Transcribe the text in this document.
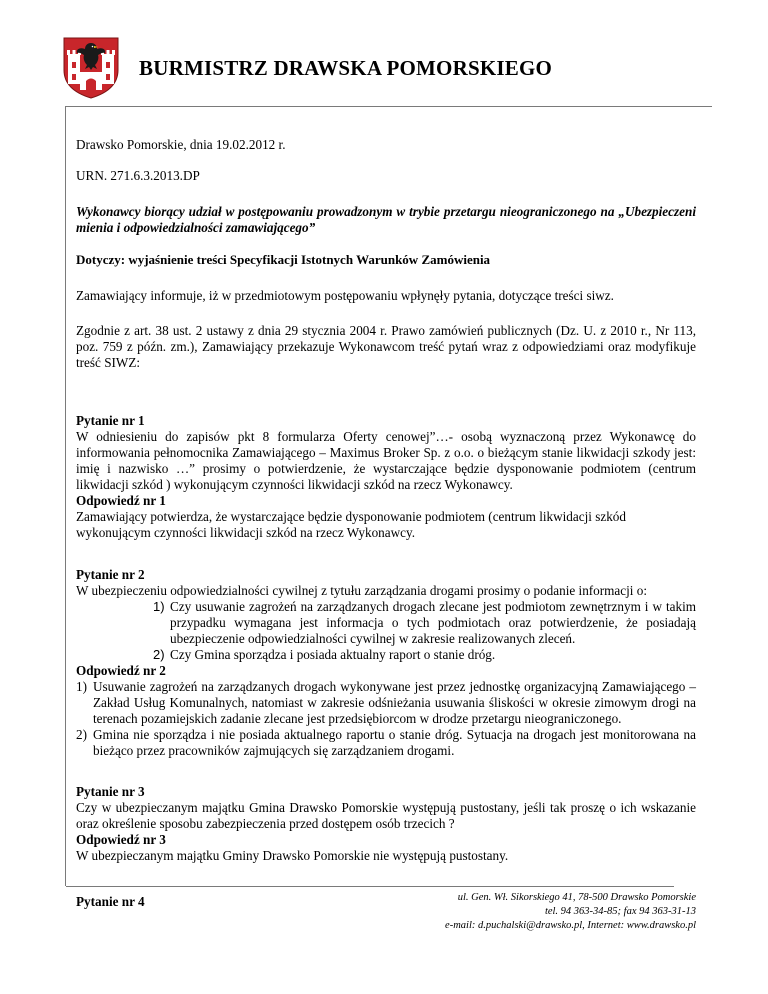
BURMISTRZ DRAWSKA POMORSKIEGO

Drawsko Pomorskie, dnia 19.02.2012 r.

URN. 271.6.3.2013.DP

Wykonawcy biorący udział w postępowaniu prowadzonym w trybie przetargu nieograniczonego na „Ubezpieczeni mienia i odpowiedzialności zamawiającego”

Dotyczy: wyjaśnienie treści Specyfikacji Istotnych Warunków Zamówienia

Zamawiający informuje, iż w przedmiotowym postępowaniu wpłynęły pytania, dotyczące treści siwz.

Zgodnie z art. 38 ust. 2 ustawy z dnia 29 stycznia 2004 r. Prawo zamówień publicznych (Dz. U. z 2010 r., Nr 113, poz. 759 z późn. zm.), Zamawiający przekazuje Wykonawcom treść pytań wraz z odpowiedziami oraz modyfikuje treść SIWZ:

Pytanie nr 1

W odniesieniu do zapisów pkt 8 formularza Oferty cenowej”…- osobą wyznaczoną przez Wykonawcę do informowania pełnomocnika Zamawiającego – Maximus Broker Sp. z o.o. o bieżącym stanie likwidacji szkody jest: imię i nazwisko …” prosimy o potwierdzenie, że wystarczające będzie dysponowanie podmiotem (centrum likwidacji szkód ) wykonującym czynności likwidacji szkód na rzecz Wykonawcy.

Odpowiedź nr 1

Zamawiający potwierdza, że wystarczające będzie dysponowanie podmiotem (centrum likwidacji szkód wykonującym czynności likwidacji szkód na rzecz Wykonawcy.

Pytanie nr 2

W ubezpieczeniu odpowiedzialności cywilnej z tytułu zarządzania drogami prosimy o podanie informacji o:

1) Czy usuwanie zagrożeń na zarządzanych drogach zlecane jest podmiotom zewnętrznym i w takim przypadku wymagana jest informacja o tych podmiotach oraz potwierdzenie, że posiadają ubezpieczenie odpowiedzialności cywilnej w zakresie realizowanych zleceń.
2) Czy Gmina sporządza i posiada aktualny raport o stanie dróg.

Odpowiedź nr 2

1) Usuwanie zagrożeń na zarządzanych drogach wykonywane jest przez jednostkę organizacyjną Zamawiającego – Zakład Usług Komunalnych, natomiast w zakresie odśnieżania usuwania śliskości w okresie zimowym drogi na terenach pozamiejskich zadanie zlecane jest przedsiębiorcom w drodze przetargu nieograniczonego.
2) Gmina nie sporządza i nie posiada aktualnego raportu o stanie dróg. Sytuacja na drogach jest monitorowana na bieżąco przez pracowników zajmujących się zarządzaniem drogami.

Pytanie nr 3

Czy w ubezpieczanym majątku Gmina Drawsko Pomorskie występują pustostany, jeśli tak proszę o ich wskazanie oraz określenie sposobu zabezpieczenia przed dostępem osób trzecich ?

Odpowiedź nr 3

W ubezpieczanym majątku Gminy Drawsko Pomorskie nie występują pustostany.

Pytanie nr 4	ul. Gen. Wł. Sikorskiego 41, 78-500 Drawsko Pomorskie
tel. 94 363-34-85; fax 94 363-31-13
e-mail: d.puchalski@drawsko.pl, Internet: www.drawsko.pl
